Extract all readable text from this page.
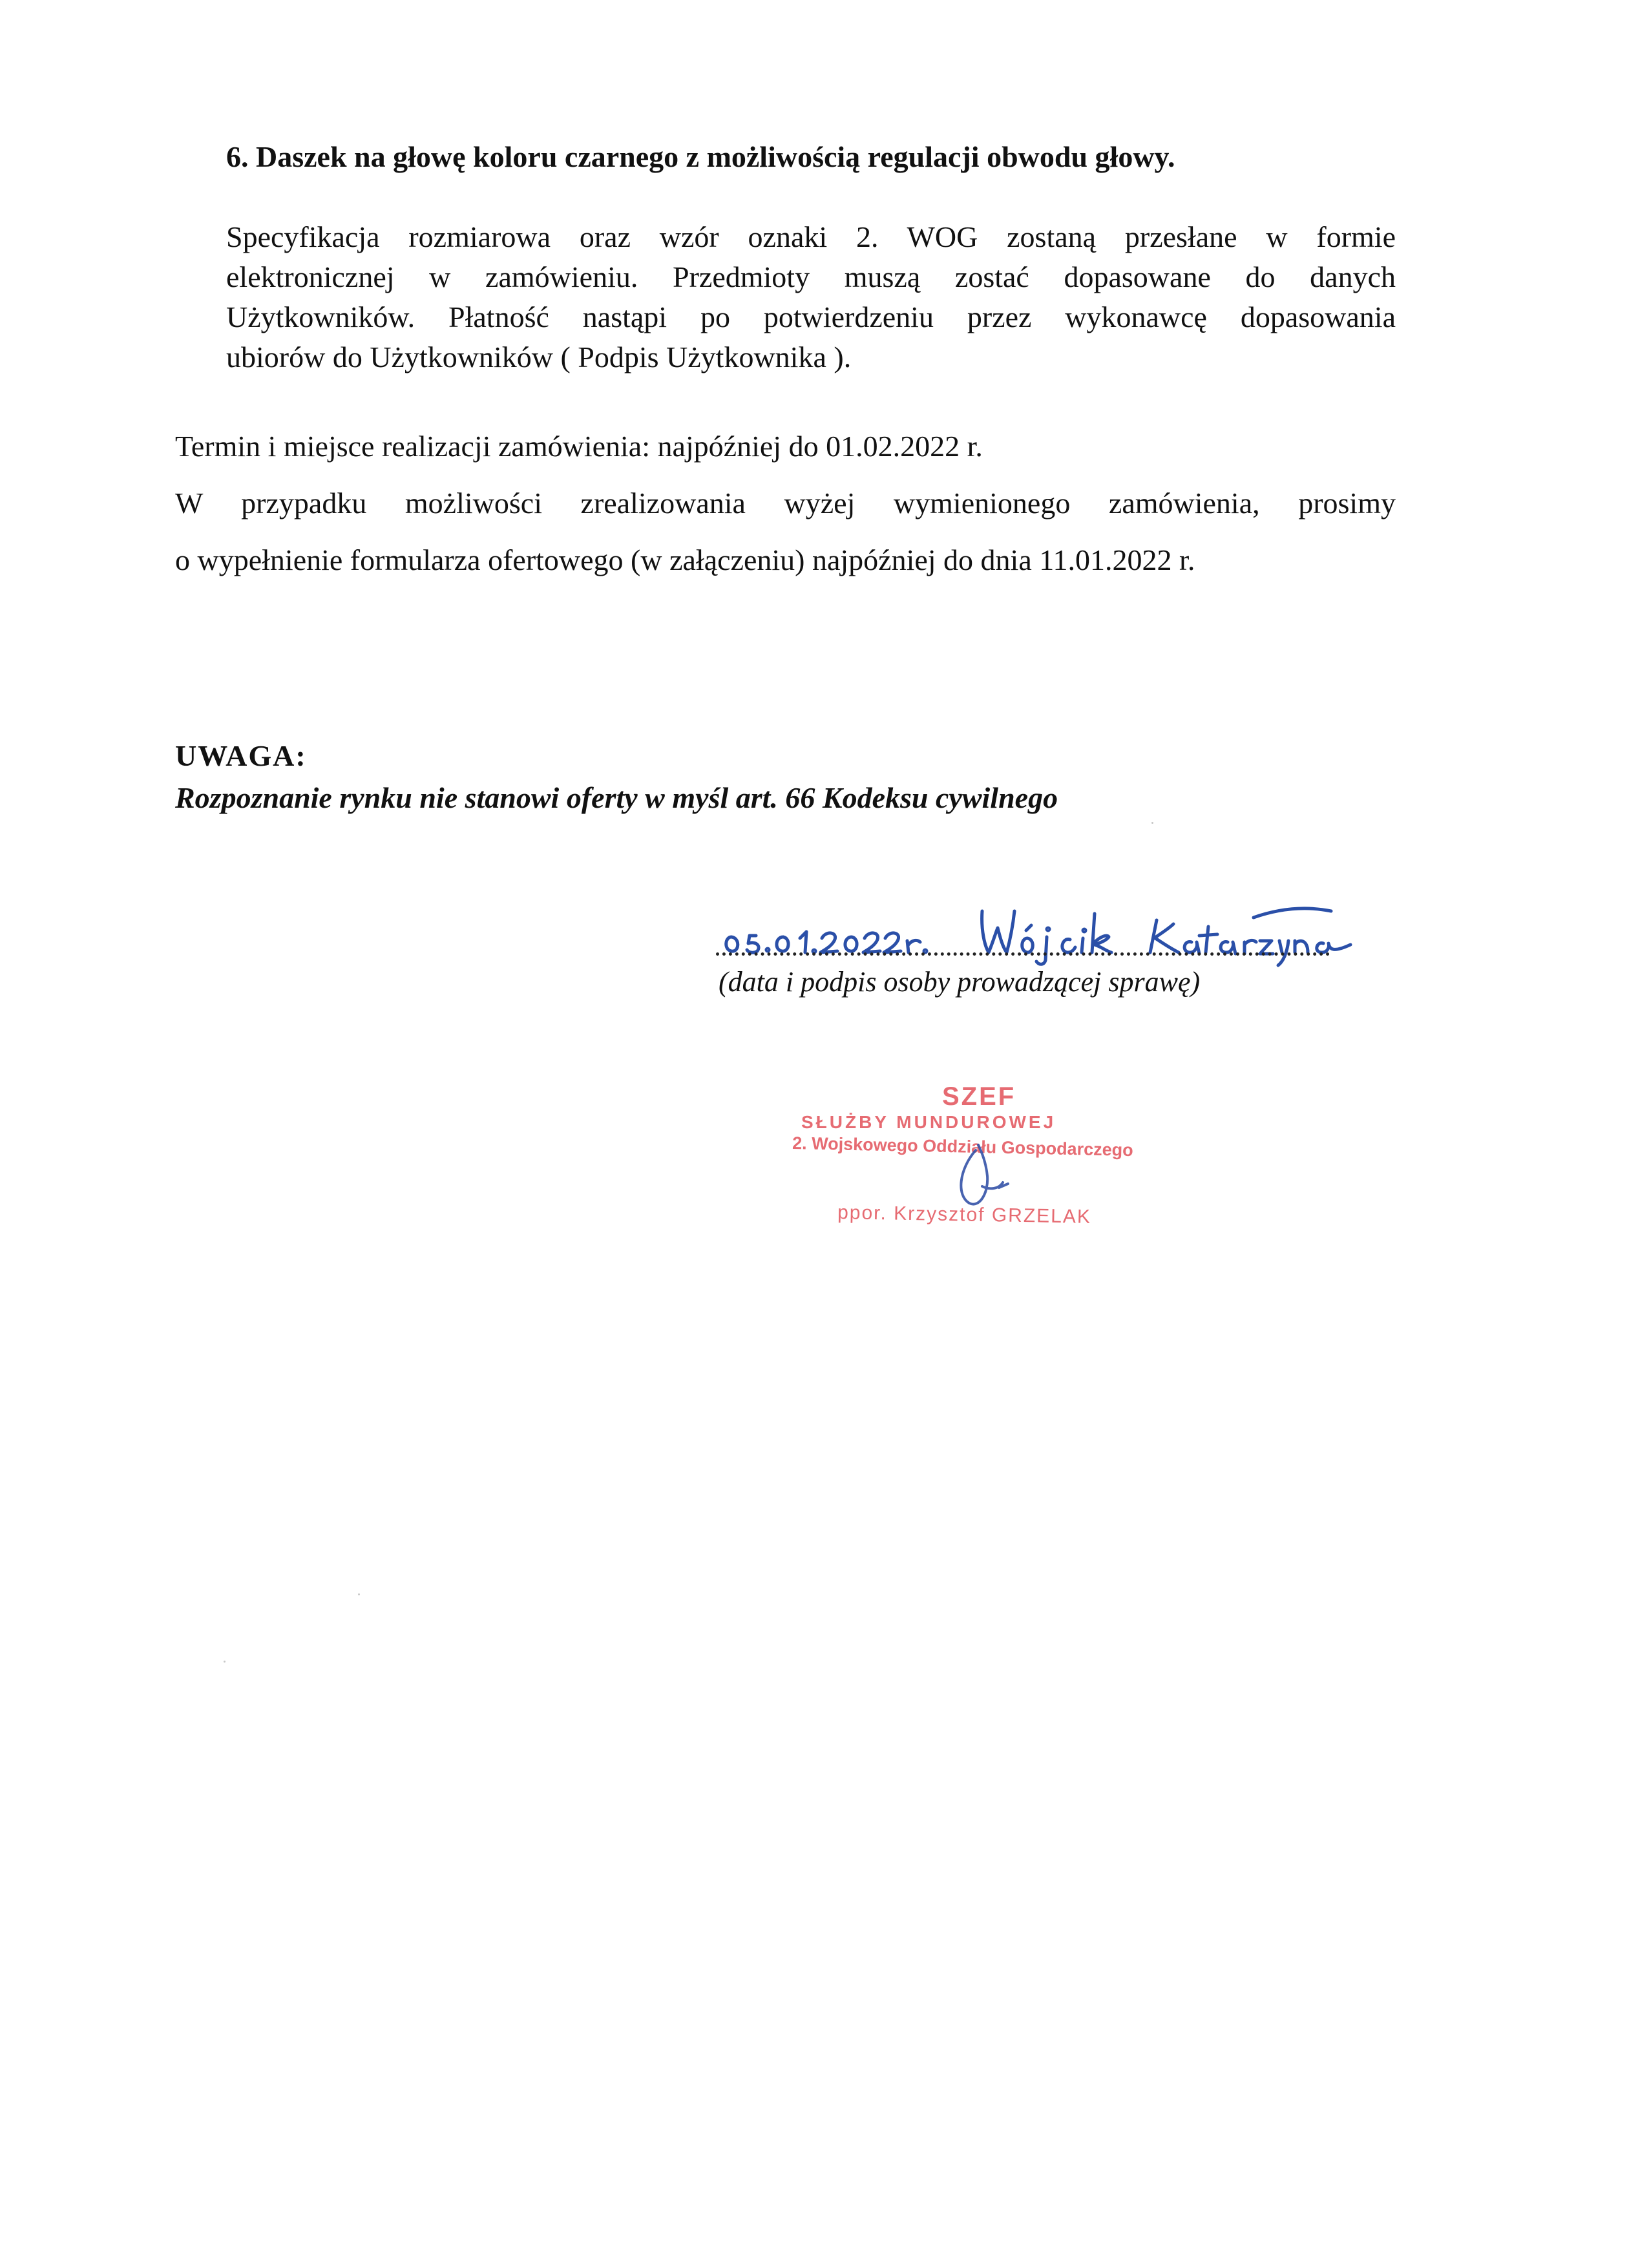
6. Daszek na głowę koloru czarnego z możliwością regulacji obwodu głowy.
Specyfikacja rozmiarowa oraz wzór oznaki 2. WOG zostaną przesłane w formie
elektronicznej w zamówieniu. Przedmioty muszą zostać dopasowane do danych
Użytkowników. Płatność nastąpi po potwierdzeniu przez wykonawcę dopasowania
ubiorów do Użytkowników ( Podpis Użytkownika ).
Termin i miejsce realizacji zamówienia: najpóźniej do 01.02.2022 r.
W przypadku możliwości zrealizowania wyżej wymienionego zamówienia, prosimy
o wypełnienie formularza ofertowego (w załączeniu) najpóźniej do dnia 11.01.2022 r.
UWAGA:
Rozpoznanie rynku nie stanowi oferty w myśl art. 66 Kodeksu cywilnego
(data i podpis osoby prowadzącej sprawę)
SZEF
SŁUŻBY MUNDUROWEJ
2. Wojskowego Oddziału Gospodarczego
ppor. Krzysztof GRZELAK
